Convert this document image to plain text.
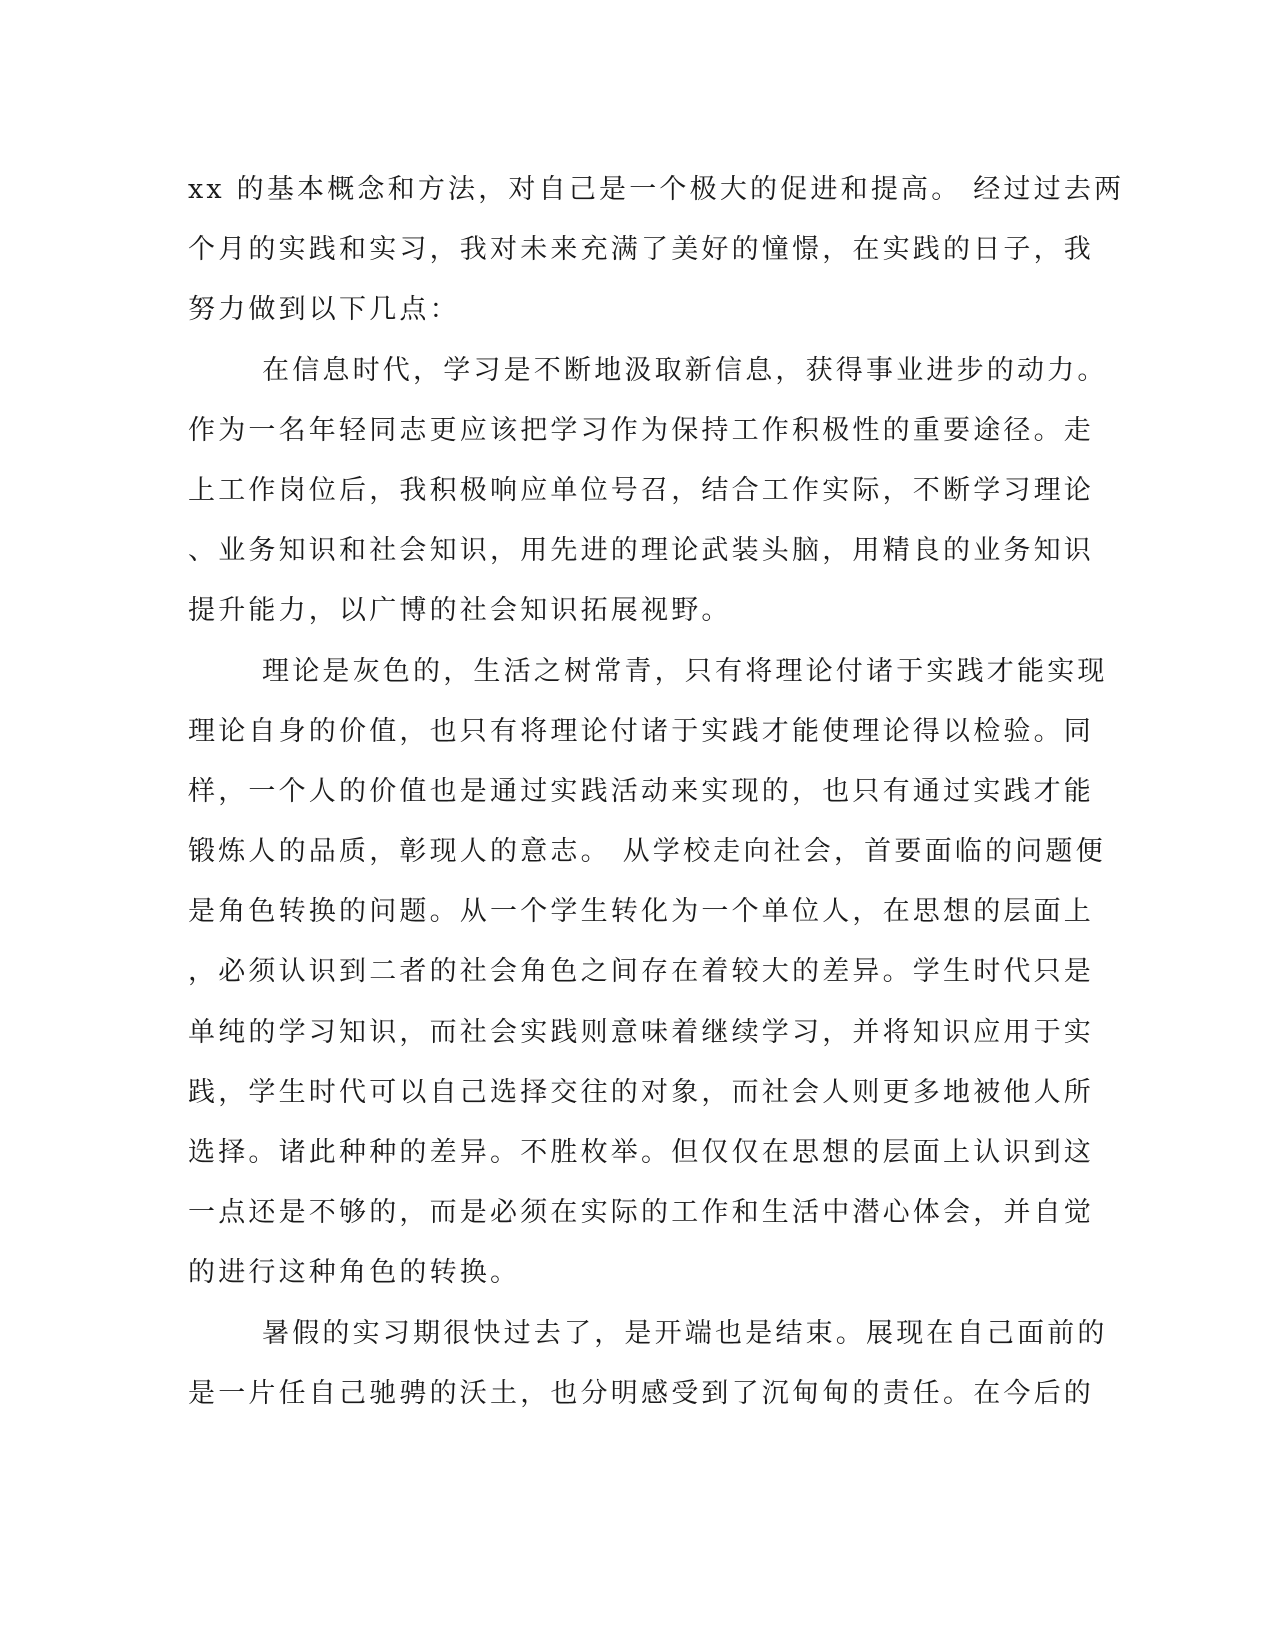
xx 的基本概念和方法，对自己是一个极大的促进和提高。 经过过去两
个月的实践和实习，我对未来充满了美好的憧憬，在实践的日子，我
努力做到以下几点：
在信息时代，学习是不断地汲取新信息，获得事业进步的动力。
作为一名年轻同志更应该把学习作为保持工作积极性的重要途径。走
上工作岗位后，我积极响应单位号召，结合工作实际，不断学习理论
、业务知识和社会知识，用先进的理论武装头脑，用精良的业务知识
提升能力，以广博的社会知识拓展视野。
理论是灰色的，生活之树常青，只有将理论付诸于实践才能实现
理论自身的价值，也只有将理论付诸于实践才能使理论得以检验。同
样，一个人的价值也是通过实践活动来实现的，也只有通过实践才能
锻炼人的品质，彰现人的意志。 从学校走向社会，首要面临的问题便
是角色转换的问题。从一个学生转化为一个单位人，在思想的层面上
，必须认识到二者的社会角色之间存在着较大的差异。学生时代只是
单纯的学习知识，而社会实践则意味着继续学习，并将知识应用于实
践，学生时代可以自己选择交往的对象，而社会人则更多地被他人所
选择。诸此种种的差异。不胜枚举。但仅仅在思想的层面上认识到这
一点还是不够的，而是必须在实际的工作和生活中潜心体会，并自觉
的进行这种角色的转换。
暑假的实习期很快过去了，是开端也是结束。展现在自己面前的
是一片任自己驰骋的沃土，也分明感受到了沉甸甸的责任。在今后的
